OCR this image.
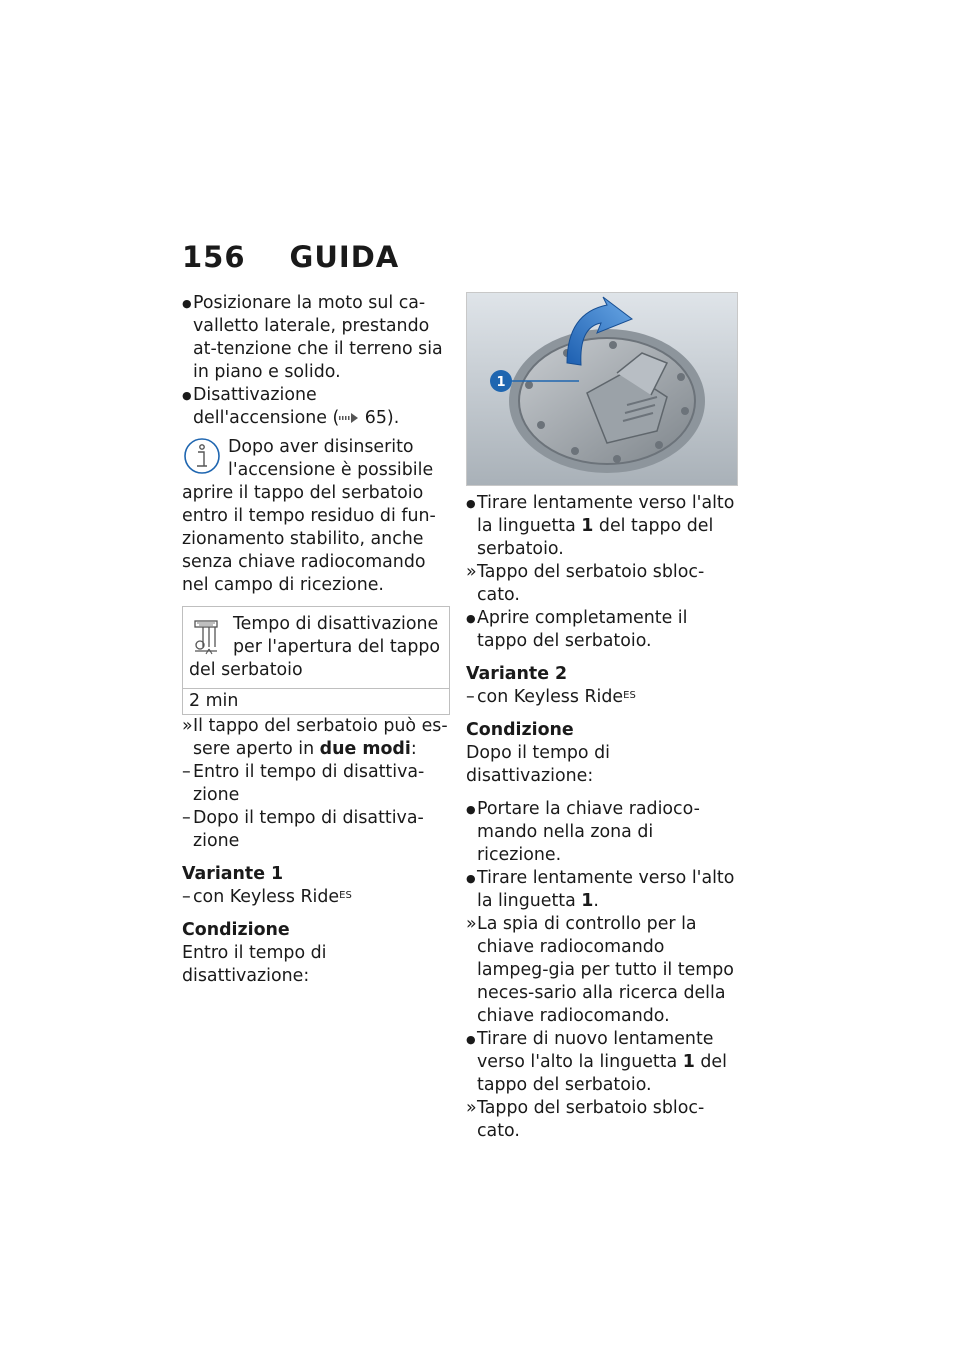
156 GUIDA

● Posizionare la moto sul ca-valletto laterale, prestando at-tenzione che il terreno sia in piano e solido.

● Disattivazione dell'accensione ( 65).

Dopo aver disinserito l'accensione è possibile aprire il tappo del serbatoio entro il tempo residuo di fun-zionamento stabilito, anche senza chiave radiocomando nel campo di ricezione.

Tempo di disattivazione per l'apertura del tappo del serbatoio
2 min

» Il tappo del serbatoio può es-sere aperto in due modi:

– Entro il tempo di disattiva-zione

– Dopo il tempo di disattiva-zione

Variante 1

– con Keyless Ride$^{ES}$

Condizione
Entro il tempo di disattivazione:
1

● Tirare lentamente verso l'alto la linguetta 1 del tappo del serbatoio.

» Tappo del serbatoio sbloc-cato.

● Aprire completamente il tappo del serbatoio.

Variante 2

– con Keyless Ride$^{ES}$

Condizione
Dopo il tempo di disattivazione:

● Portare la chiave radioco-mando nella zona di ricezione.

● Tirare lentamente verso l'alto la linguetta 1.

» La spia di controllo per la chiave radiocomando lampeg-gia per tutto il tempo neces-sario alla ricerca della chiave radiocomando.

● Tirare di nuovo lentamente verso l'alto la linguetta 1 del tappo del serbatoio.

» Tappo del serbatoio sbloc-cato.
